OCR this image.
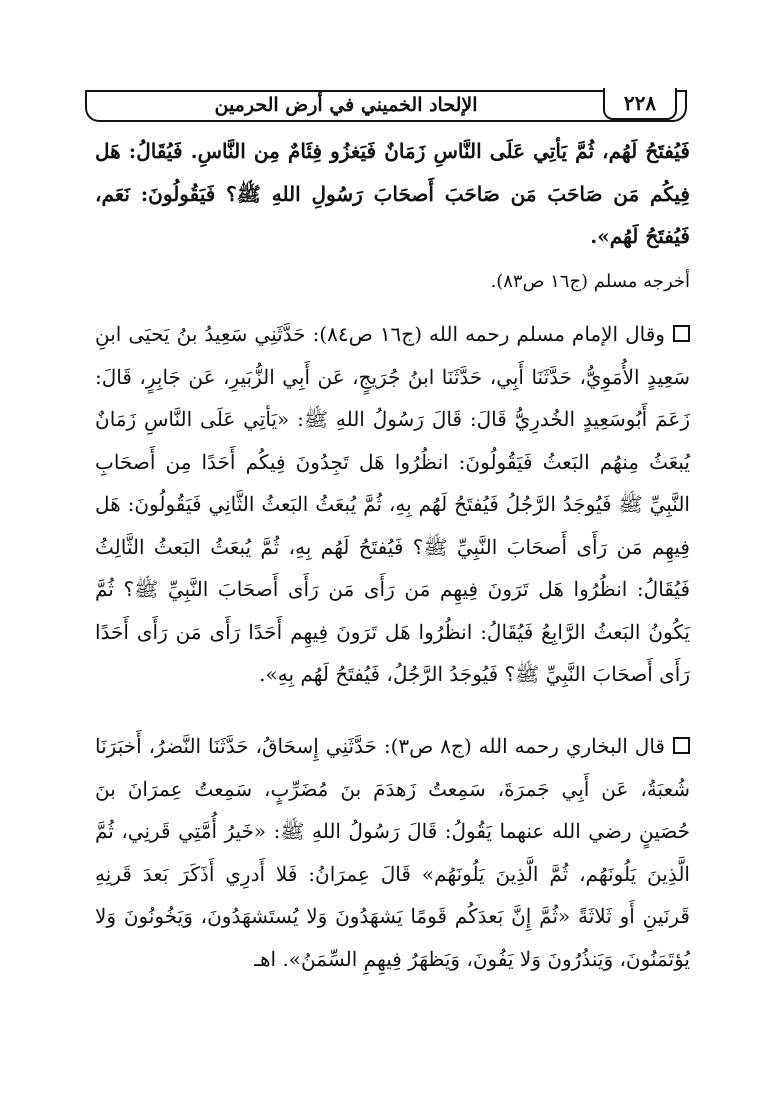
الإلحاد الخميني في أرض الحرمين	٢٢٨
فَيُفتَحُ لَهُم، ثُمَّ يَأتِي عَلَى النَّاسِ زَمَانٌ فَيَغزُو فِئَامٌ مِن النَّاسِ. فَيُقَالُ: هَل فِيكُم مَن صَاحَبَ مَن صَاحَبَ أَصحَابَ رَسُولِ اللهِ ﷺ؟ فَيَقُولُونَ: نَعَم، فَيُفتَحُ لَهُم».
أخرجه مسلم (ج١٦ ص٨٣).
وقال الإمام مسلم رحمه الله (ج١٦ ص٨٤): حَدَّثَنِي سَعِيدُ بنُ يَحيَى ابنِ سَعِيدٍ الأُمَوِيُّ، حَدَّثَنَا أَبِي، حَدَّثَنَا ابنُ جُرَيجٍ، عَن أَبِي الزُّبَيرِ، عَن جَابِرٍ، قَالَ: زَعَمَ أَبُوسَعِيدٍ الخُدرِيُّ قَالَ: قَالَ رَسُولُ اللهِ ﷺ: «يَأتِي عَلَى النَّاسِ زَمَانٌ يُبعَثُ مِنهُم البَعثُ فَيَقُولُونَ: انظُرُوا هَل تَجِدُونَ فِيكُم أَحَدًا مِن أَصحَابِ النَّبِيِّ ﷺ فَيُوجَدُ الرَّجُلُ فَيُفتَحُ لَهُم بِهِ، ثُمَّ يُبعَثُ البَعثُ الثَّانِي فَيَقُولُونَ: هَل فِيهِم مَن رَأَى أَصحَابَ النَّبِيِّ ﷺ؟ فَيُفتَحُ لَهُم بِهِ، ثُمَّ يُبعَثُ البَعثُ الثَّالِثُ فَيُقَالُ: انظُرُوا هَل تَرَونَ فِيهِم مَن رَأَى مَن رَأَى أَصحَابَ النَّبِيِّ ﷺ؟ ثُمَّ يَكُونُ البَعثُ الرَّابِعُ فَيُقَالُ: انظُرُوا هَل تَرَونَ فِيهِم أَحَدًا رَأَى مَن رَأَى أَحَدًا رَأَى أَصحَابَ النَّبِيِّ ﷺ؟ فَيُوجَدُ الرَّجُلُ، فَيُفتَحُ لَهُم بِهِ».
قال البخاري رحمه الله (ج٨ ص٣): حَدَّثَنِي إِسحَاقُ، حَدَّثَنَا النَّضرُ، أَخبَرَنَا شُعبَةُ، عَن أَبِي جَمرَةَ، سَمِعتُ زَهدَمَ بنَ مُضَرِّبٍ، سَمِعتُ عِمرَانَ بنَ حُصَينٍ رضي الله عنهما يَقُولُ: قَالَ رَسُولُ اللهِ ﷺ: «خَيرُ أُمَّتِي قَرنِي، ثُمَّ الَّذِينَ يَلُونَهُم، ثُمَّ الَّذِينَ يَلُونَهُم» قَالَ عِمرَانُ: فَلا أَدرِي أَذَكَرَ بَعدَ قَرنِهِ قَرنَينِ أَو ثَلاثَةً «ثُمَّ إِنَّ بَعدَكُم قَومًا يَشهَدُونَ وَلا يُستَشهَدُونَ، وَيَخُونُونَ وَلا يُؤتَمَنُونَ، وَيَنذُرُونَ وَلا يَفُونَ، وَيَظهَرُ فِيهِمِ السِّمَنُ». اهـ
